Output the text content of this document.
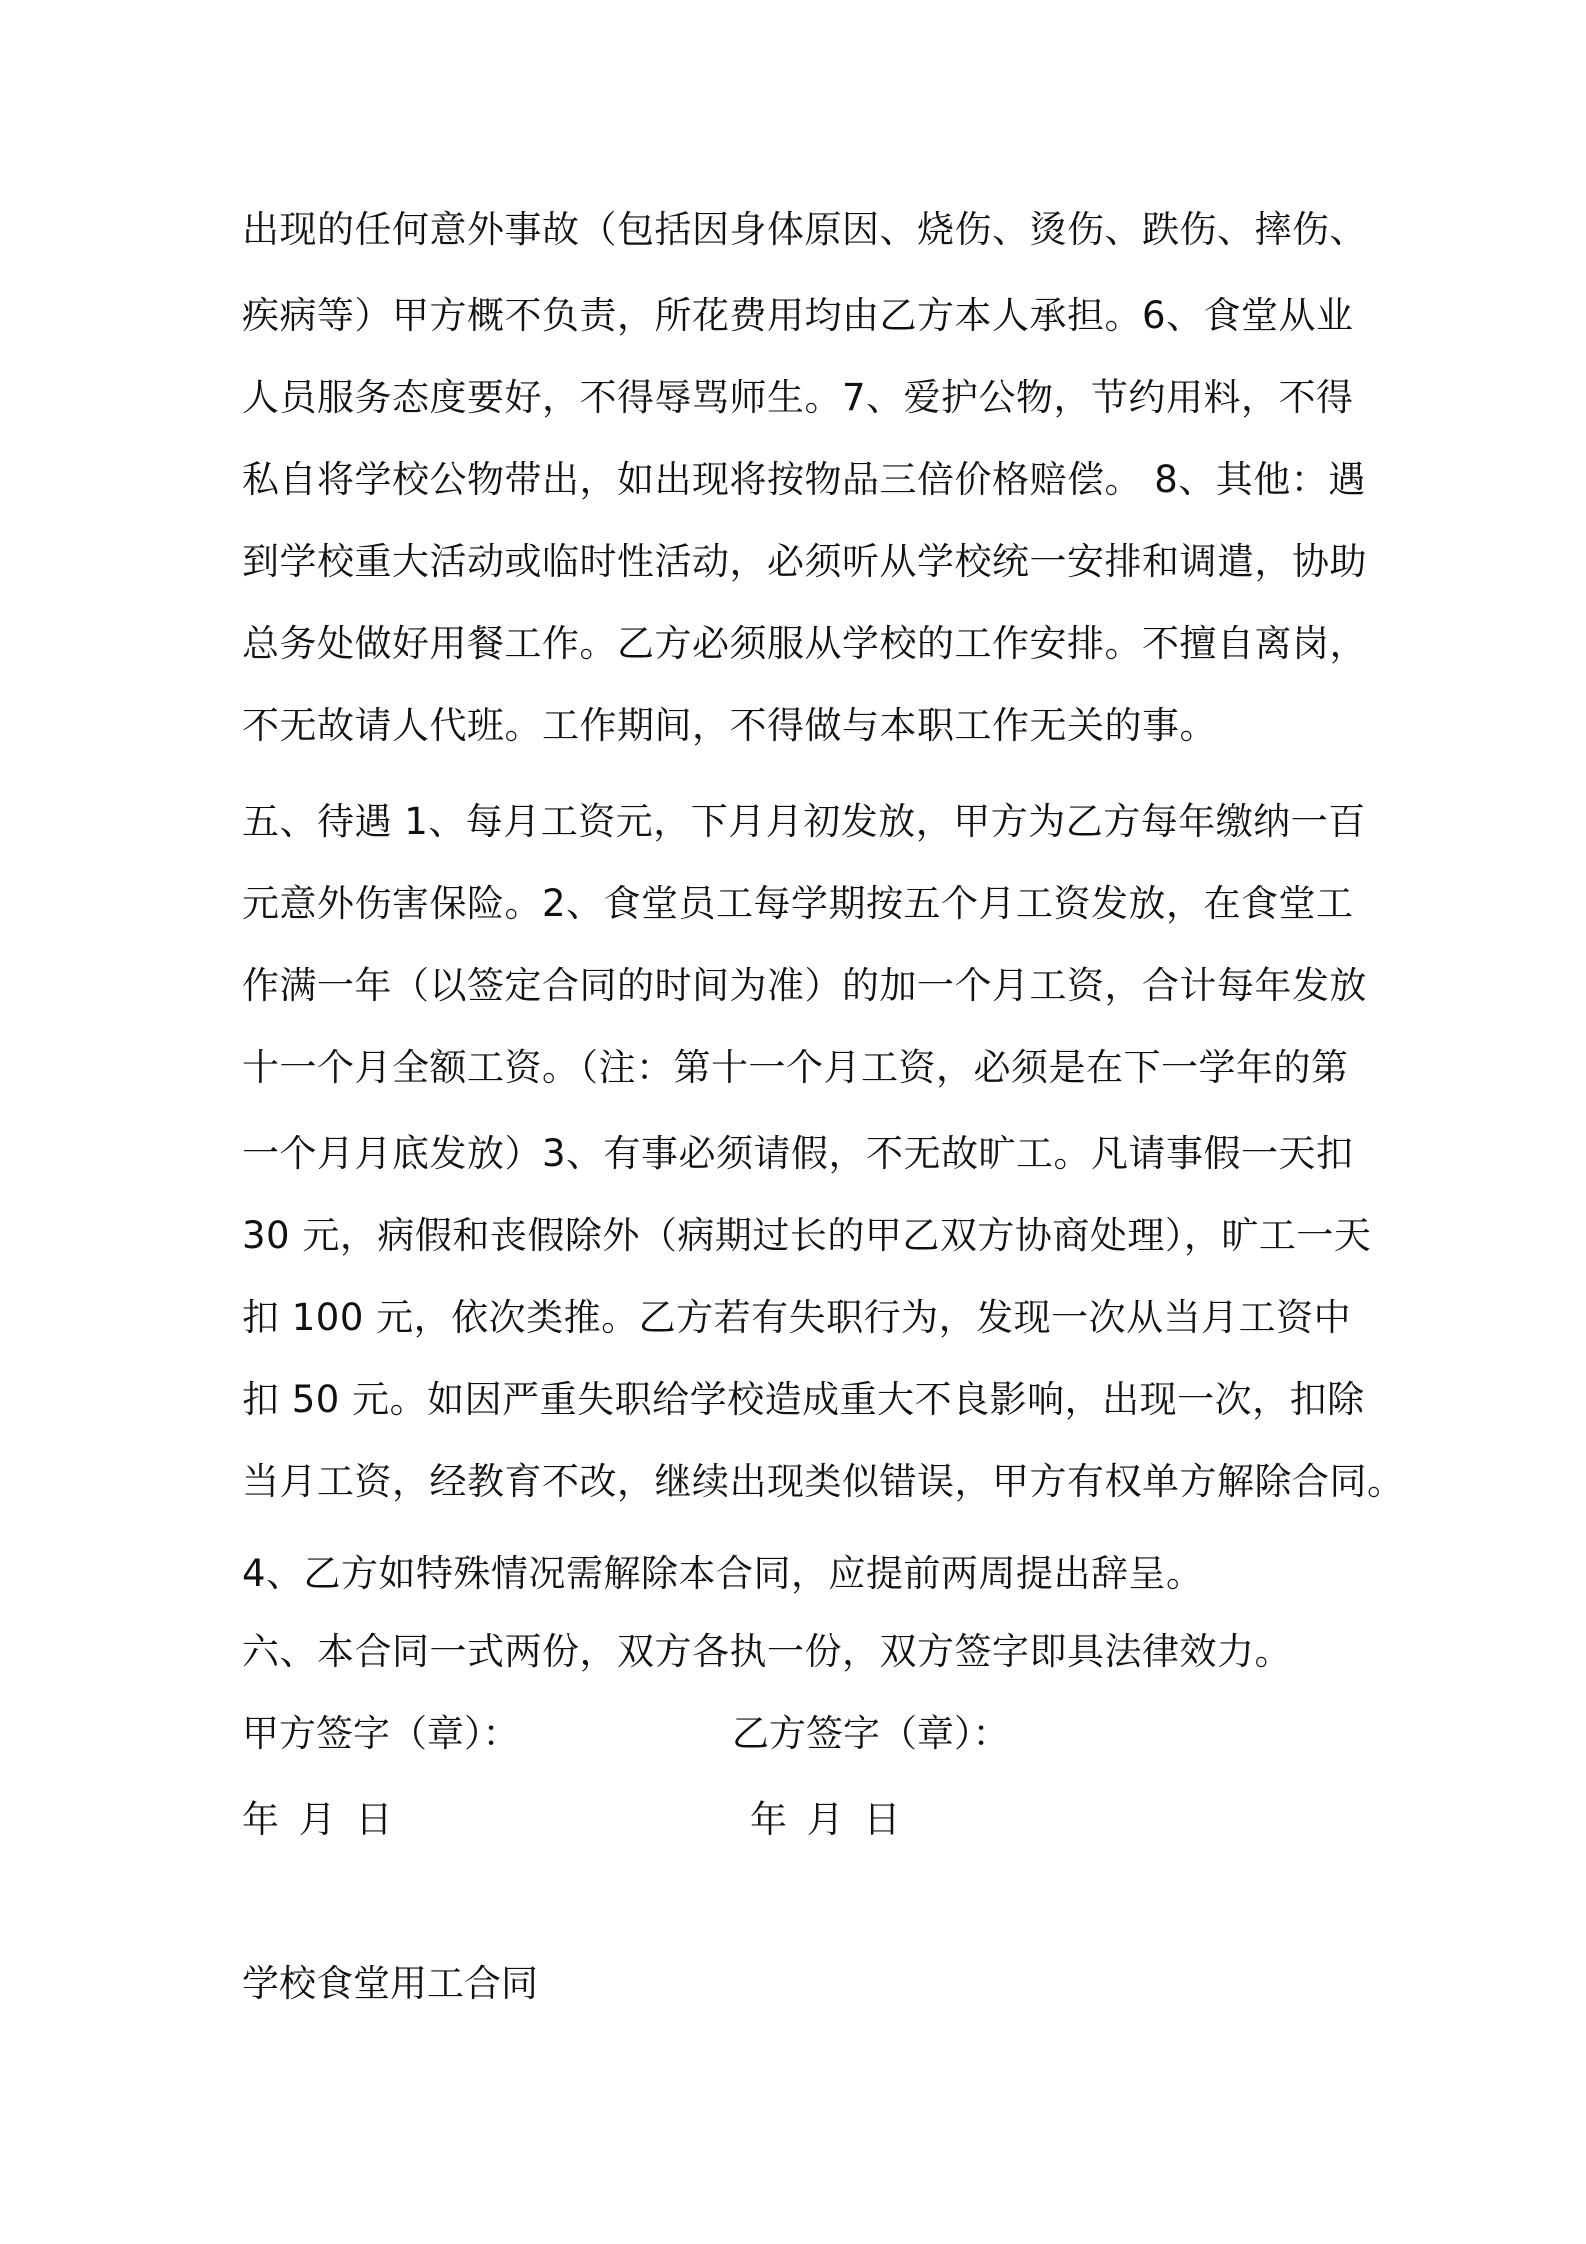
出现的任何意外事故（包括因身体原因、烧伤、烫伤、跌伤、摔伤、
疾病等）甲方概不负责，所花费用均由乙方本人承担。6、食堂从业
人员服务态度要好，不得辱骂师生。7、爱护公物，节约用料，不得
私自将学校公物带出，如出现将按物品三倍价格赔偿。 8、其他：遇
到学校重大活动或临时性活动，必须听从学校统一安排和调遣，协助
总务处做好用餐工作。乙方必须服从学校的工作安排。不擅自离岗，
不无故请人代班。工作期间，不得做与本职工作无关的事。
五、待遇 1、每月工资元，下月月初发放，甲方为乙方每年缴纳一百
元意外伤害保险。2、食堂员工每学期按五个月工资发放，在食堂工
作满一年（以签定合同的时间为准）的加一个月工资，合计每年发放
十一个月全额工资。（注：第十一个月工资，必须是在下一学年的第
一个月月底发放）3、有事必须请假，不无故旷工。凡请事假一天扣
30 元，病假和丧假除外（病期过长的甲乙双方协商处理），旷工一天
扣 100 元，依次类推。乙方若有失职行为，发现一次从当月工资中
扣 50 元。如因严重失职给学校造成重大不良影响，出现一次，扣除
当月工资，经教育不改，继续出现类似错误，甲方有权单方解除合同。
4、乙方如特殊情况需解除本合同，应提前两周提出辞呈。
六、本合同一式两份，双方各执一份，双方签字即具法律效力。
甲方签字（章）：	乙方签字（章）：
年 月 日	年 月 日
学校食堂用工合同
